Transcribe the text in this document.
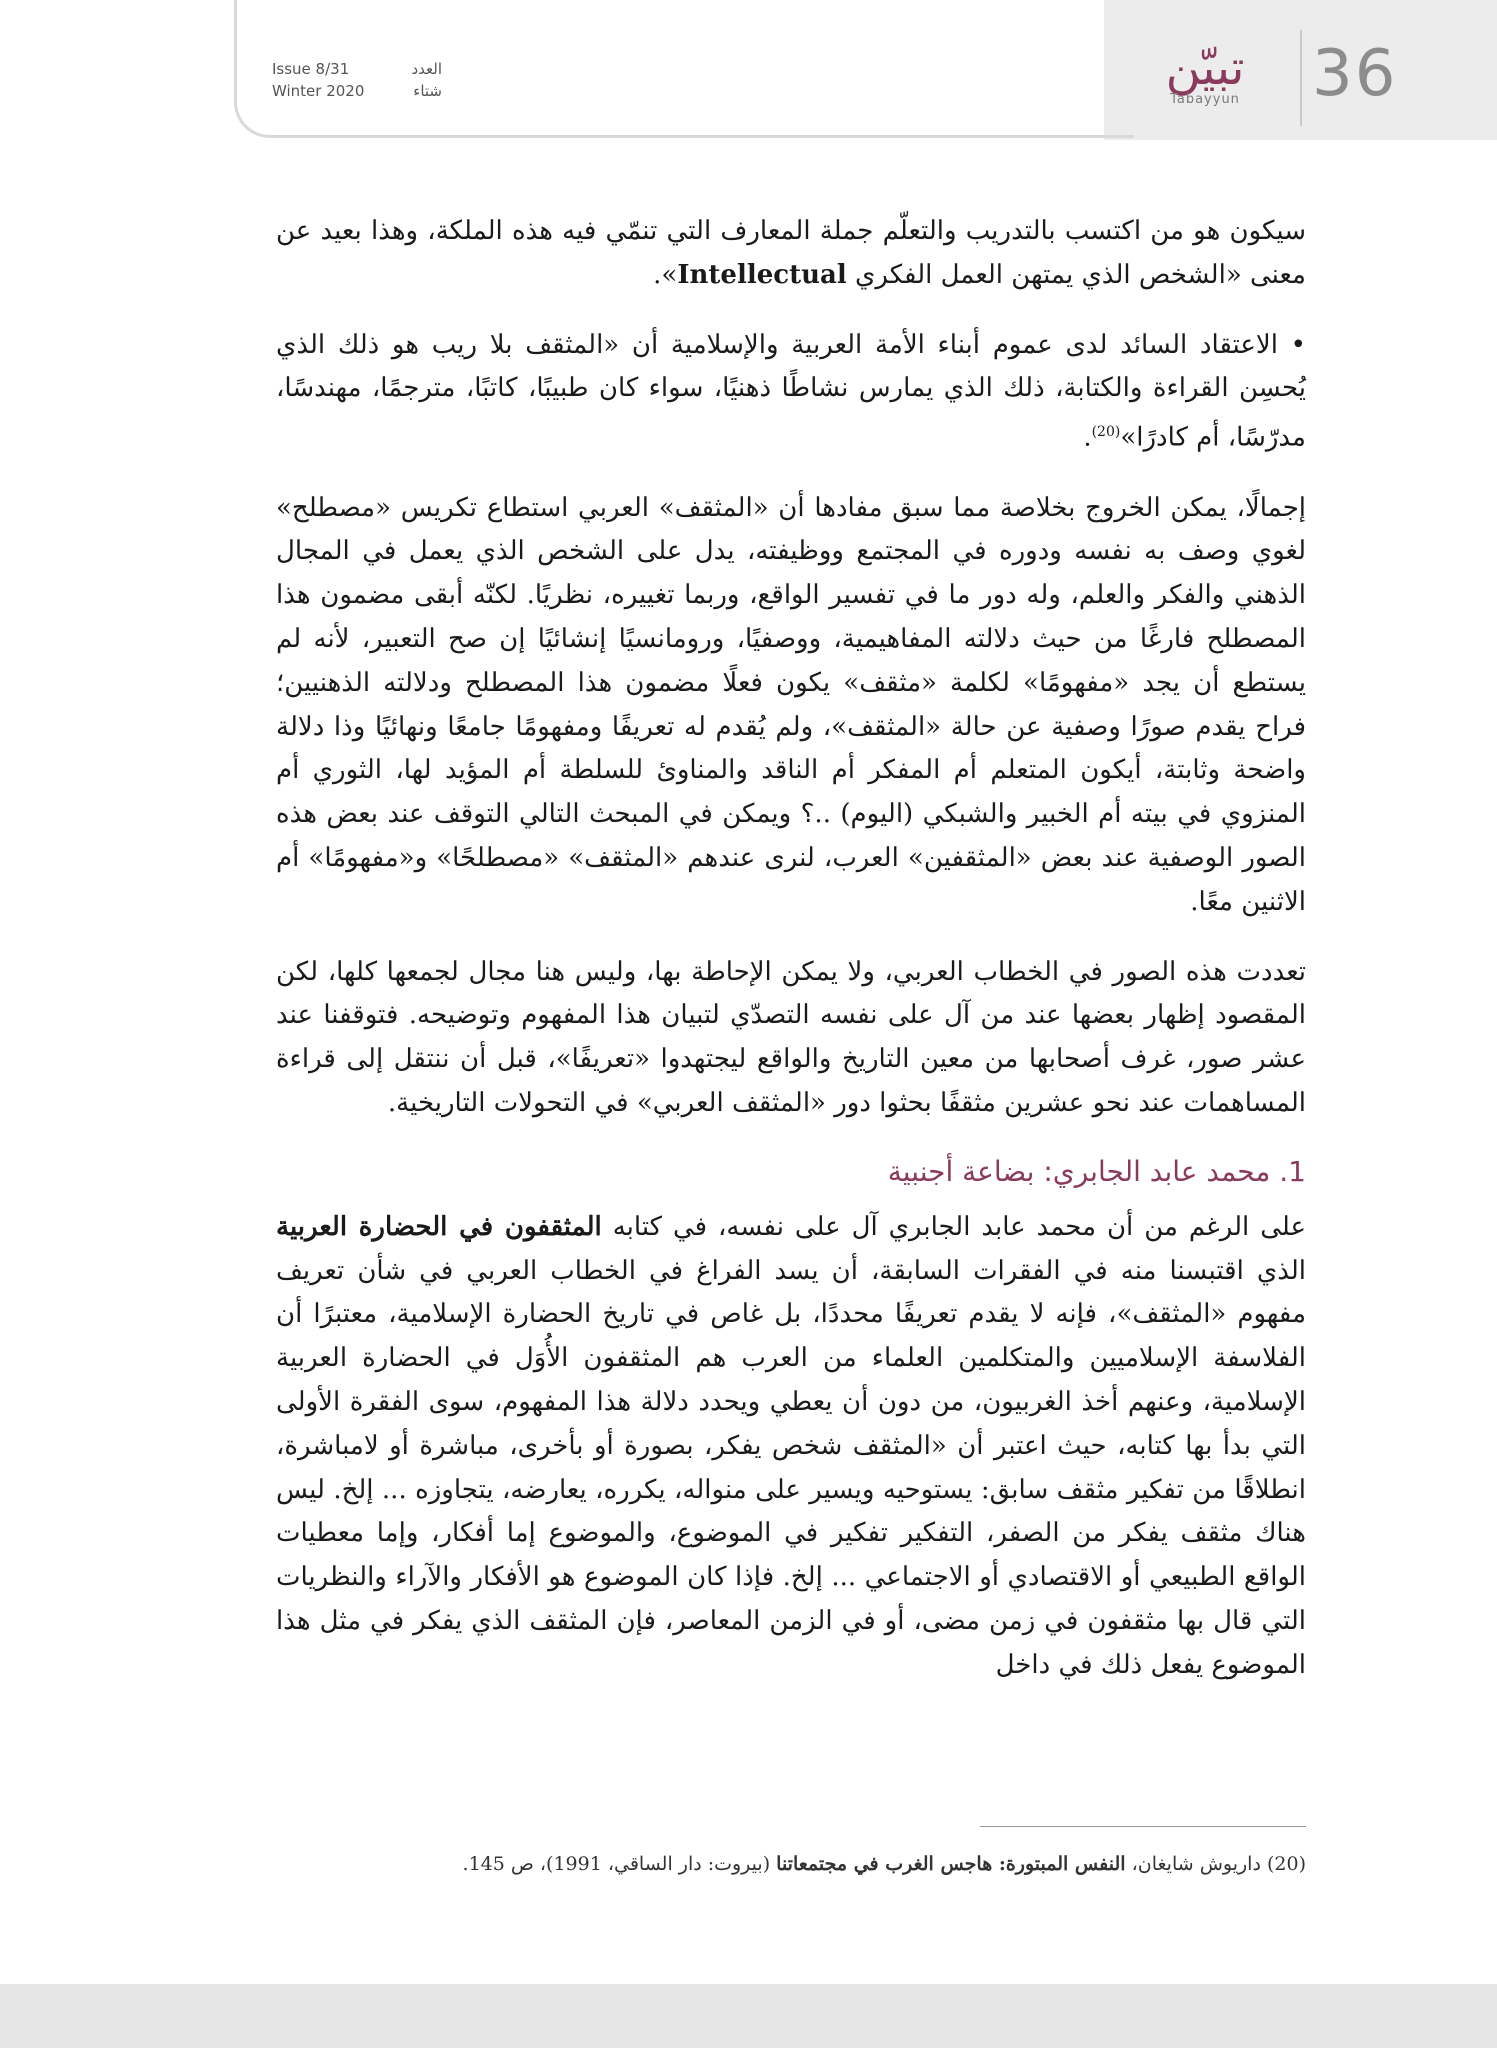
Issue 8/31	العدد
Winter 2020	شتاء	تبيّن
Tabayyun	36

سيكون هو من اكتسب بالتدريب والتعلّم جملة المعارف التي تنمّي فيه هذه الملكة، وهذا بعيد عن معنى «الشخص الذي يمتهن العمل الفكري Intellectual».

• الاعتقاد السائد لدى عموم أبناء الأمة العربية والإسلامية أن «المثقف بلا ريب هو ذلك الذي يُحسِن القراءة والكتابة، ذلك الذي يمارس نشاطًا ذهنيًا، سواء كان طبيبًا، كاتبًا، مترجمًا، مهندسًا، مدرّسًا، أم كادرًا»$^{(20)}$.

إجمالًا، يمكن الخروج بخلاصة مما سبق مفادها أن «المثقف» العربي استطاع تكريس «مصطلح» لغوي وصف به نفسه ودوره في المجتمع ووظيفته، يدل على الشخص الذي يعمل في المجال الذهني والفكر والعلم، وله دور ما في تفسير الواقع، وربما تغييره، نظريًا. لكنّه أبقى مضمون هذا المصطلح فارغًا من حيث دلالته المفاهيمية، ووصفيًا، ورومانسيًا إنشائيًا إن صح التعبير، لأنه لم يستطع أن يجد «مفهومًا» لكلمة «مثقف» يكون فعلًا مضمون هذا المصطلح ودلالته الذهنيين؛ فراح يقدم صورًا وصفية عن حالة «المثقف»، ولم يُقدم له تعريفًا ومفهومًا جامعًا ونهائيًا وذا دلالة واضحة وثابتة، أيكون المتعلم أم المفكر أم الناقد والمناوئ للسلطة أم المؤيد لها، الثوري أم المنزوي في بيته أم الخبير والشبكي (اليوم) ..؟ ويمكن في المبحث التالي التوقف عند بعض هذه الصور الوصفية عند بعض «المثقفين» العرب، لنرى عندهم «المثقف» «مصطلحًا» و«مفهومًا» أم الاثنين معًا.

تعددت هذه الصور في الخطاب العربي، ولا يمكن الإحاطة بها، وليس هنا مجال لجمعها كلها، لكن المقصود إظهار بعضها عند من آل على نفسه التصدّي لتبيان هذا المفهوم وتوضيحه. فتوقفنا عند عشر صور، غرف أصحابها من معين التاريخ والواقع ليجتهدوا «تعريفًا»، قبل أن ننتقل إلى قراءة المساهمات عند نحو عشرين مثقفًا بحثوا دور «المثقف العربي» في التحولات التاريخية.

1. محمد عابد الجابري: بضاعة أجنبية

على الرغم من أن محمد عابد الجابري آل على نفسه، في كتابه المثقفون في الحضارة العربية الذي اقتبسنا منه في الفقرات السابقة، أن يسد الفراغ في الخطاب العربي في شأن تعريف مفهوم «المثقف»، فإنه لا يقدم تعريفًا محددًا، بل غاص في تاريخ الحضارة الإسلامية، معتبرًا أن الفلاسفة الإسلاميين والمتكلمين العلماء من العرب هم المثقفون الأُوَل في الحضارة العربية الإسلامية، وعنهم أخذ الغربيون، من دون أن يعطي ويحدد دلالة هذا المفهوم، سوى الفقرة الأولى التي بدأ بها كتابه، حيث اعتبر أن «المثقف شخص يفكر، بصورة أو بأخرى، مباشرة أو لامباشرة، انطلاقًا من تفكير مثقف سابق: يستوحيه ويسير على منواله، يكرره، يعارضه، يتجاوزه ... إلخ. ليس هناك مثقف يفكر من الصفر، التفكير تفكير في الموضوع، والموضوع إما أفكار، وإما معطيات الواقع الطبيعي أو الاقتصادي أو الاجتماعي ... إلخ. فإذا كان الموضوع هو الأفكار والآراء والنظريات التي قال بها مثقفون في زمن مضى، أو في الزمن المعاصر، فإن المثقف الذي يفكر في مثل هذا الموضوع يفعل ذلك في داخل

(20) داريوش شايغان، النفس المبتورة: هاجس الغرب في مجتمعاتنا (بيروت: دار الساقي، 1991)، ص 145.
